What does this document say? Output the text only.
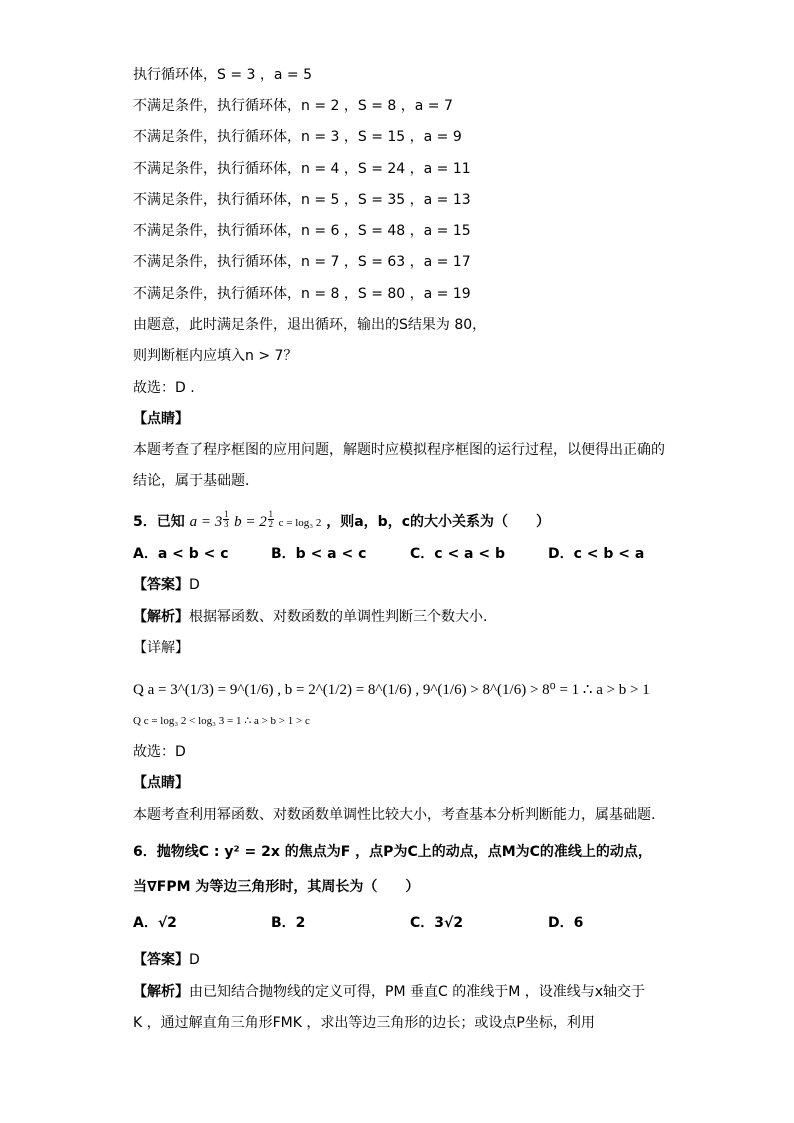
执行循环体，S = 3 ，a = 5
不满足条件，执行循环体，n = 2 ，S = 8 ，a = 7
不满足条件，执行循环体，n = 3 ，S = 15 ，a = 9
不满足条件，执行循环体，n = 4 ，S = 24 ，a = 11
不满足条件，执行循环体，n = 5 ，S = 35 ，a = 13
不满足条件，执行循环体，n = 6 ，S = 48 ，a = 15
不满足条件，执行循环体，n = 7 ，S = 63 ，a = 17
不满足条件，执行循环体，n = 8 ，S = 80 ，a = 19
由题意，此时满足条件，退出循环，输出的S结果为 80，
则判断框内应填入n > 7？
故选：D .
【点睛】
本题考查了程序框图的应用问题，解题时应模拟程序框图的运行过程，以便得出正确的
结论，属于基础题．
5．已知 $a = 3 \frac{1}{3}$ $b = 2 \frac{1}{2}$ c = log₃ 2 ，则a，b，c的大小关系为（　　）
A．a < b < c	B．b < a < c	C．c < a < b	D．c < b < a
【答案】D
【解析】根据幂函数、对数函数的单调性判断三个数大小.
【详解】
Q a = 3^(1/3) = 9^(1/6) , b = 2^(1/2) = 8^(1/6) , 9^(1/6) > 8^(1/6) > 8⁰ = 1 ∴ a > b > 1
Q c = log₃ 2 < log₃ 3 = 1 ∴ a > b > 1 > c
故选：D
【点睛】
本题考查利用幂函数、对数函数单调性比较大小，考查基本分析判断能力，属基础题.
6．抛物线C : y² = 2x 的焦点为F ，点P为C上的动点，点M为C的准线上的动点，
当∇FPM 为等边三角形时，其周长为（　　）
A．√2	B．2	C．3√2	D．6
【答案】D
【解析】由已知结合抛物线的定义可得，PM 垂直C 的准线于M ，设准线与x轴交于
K ，通过解直角三角形FMK ，求出等边三角形的边长；或设点P坐标，利用
